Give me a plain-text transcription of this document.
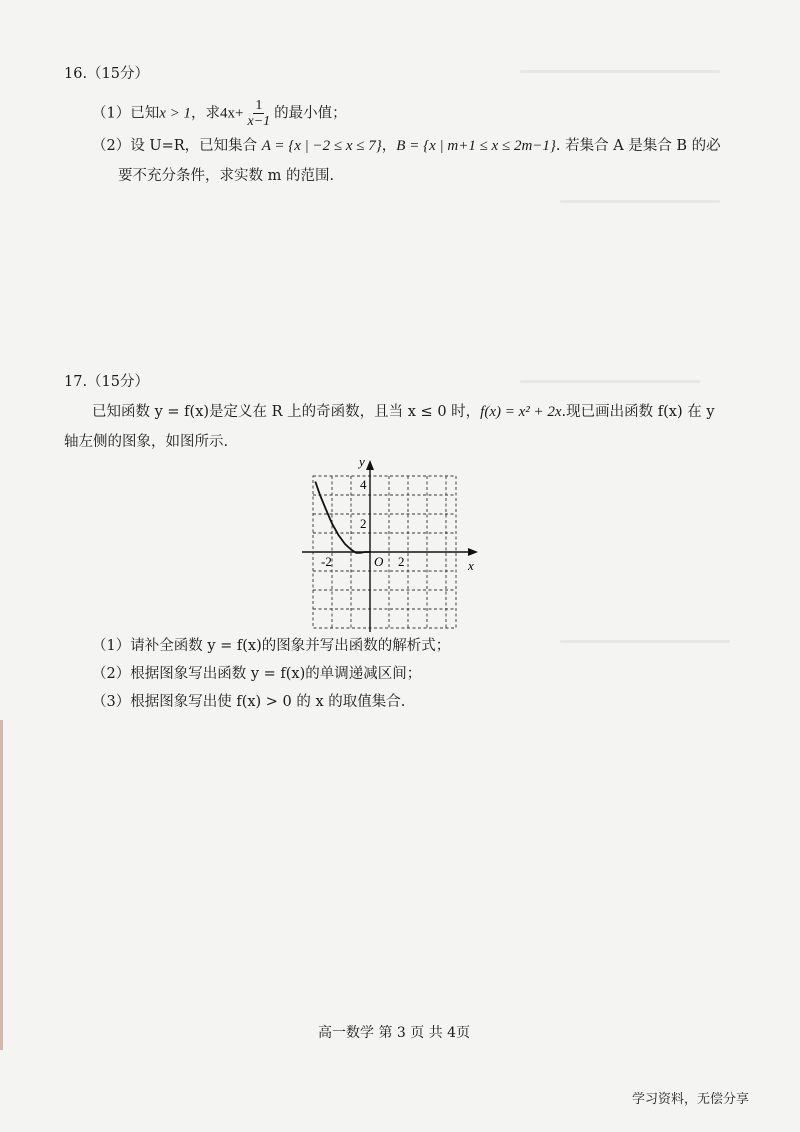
16.（15分）
（1）已知x > 1，求$4x+ \frac{1}{x-1}$ 的最小值；
（2）设 U=R，已知集合 A = {x | −2 ≤ x ≤ 7}，B = {x | m+1 ≤ x ≤ 2m−1}. 若集合 A 是集合 B 的必
要不充分条件，求实数 m 的范围.
17.（15分）
已知函数 y = f(x)是定义在 R 上的奇函数，且当 x ≤ 0 时，f(x) = x² + 2x.现已画出函数 f(x) 在 y
轴左侧的图象，如图所示.
y
x
4
2
-2	O 2
（1）请补全函数 y = f(x)的图象并写出函数的解析式；
（2）根据图象写出函数 y = f(x)的单调递减区间；
（3）根据图象写出使 f(x) > 0 的 x 的取值集合.
高一数学 第 3 页 共 4页
学习资料，无偿分享
